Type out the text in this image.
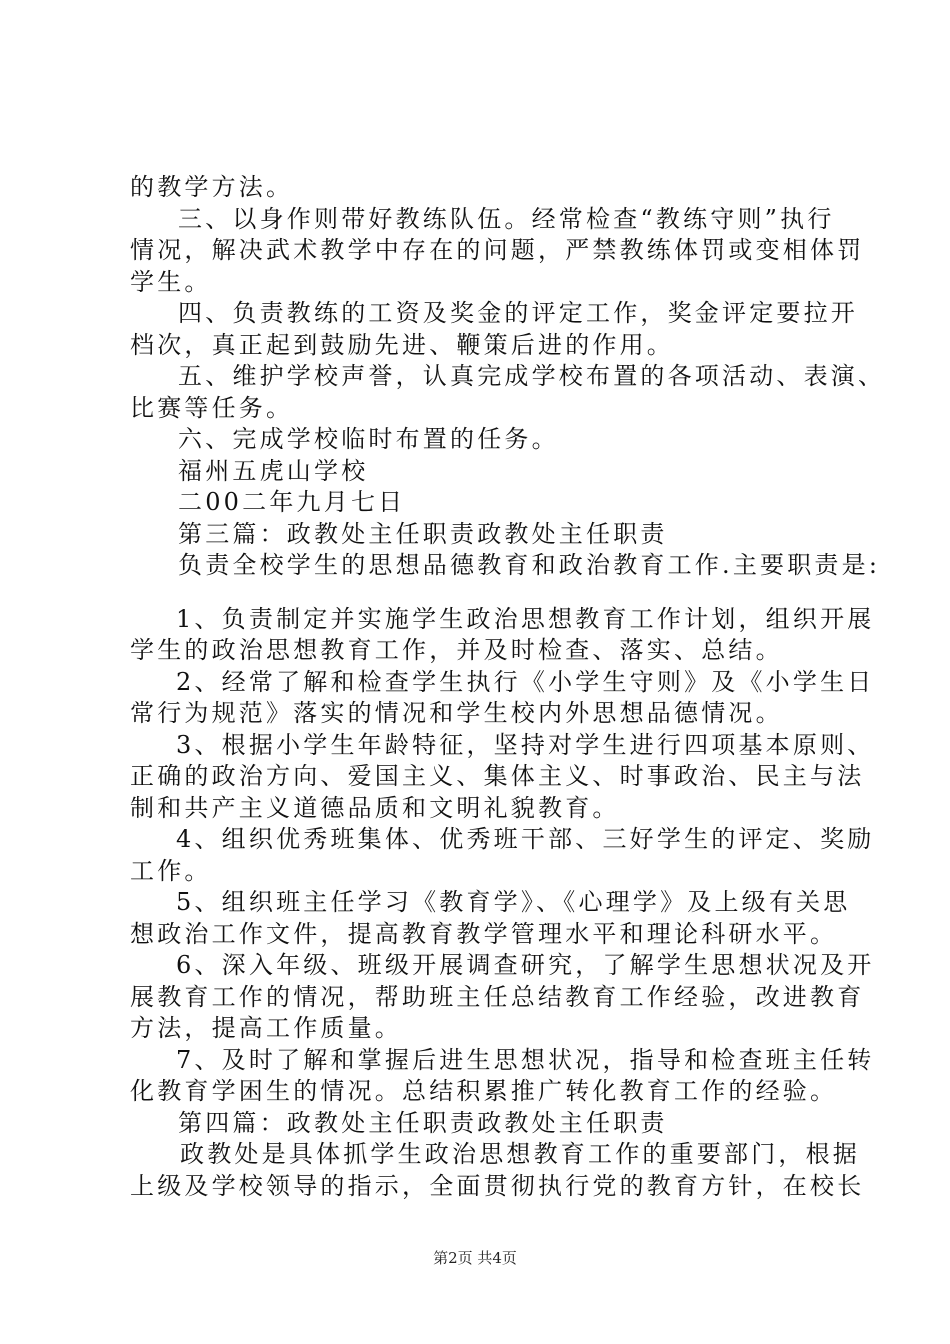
的教学方法。
三、以身作则带好教练队伍。经常检查“教练守则”执行
情况，解决武术教学中存在的问题，严禁教练体罚或变相体罚
学生。
四、负责教练的工资及奖金的评定工作，奖金评定要拉开
档次，真正起到鼓励先进、鞭策后进的作用。
五、维护学校声誉，认真完成学校布置的各项活动、表演、
比赛等任务。
六、完成学校临时布置的任务。
福州五虎山学校
二00二年九月七日
第三篇：政教处主任职责政教处主任职责
负责全校学生的思想品德教育和政治教育工作.主要职责是:
1、负责制定并实施学生政治思想教育工作计划，组织开展
学生的政治思想教育工作，并及时检查、落实、总结。
2、经常了解和检查学生执行《小学生守则》及《小学生日
常行为规范》落实的情况和学生校内外思想品德情况。
3、根据小学生年龄特征，坚持对学生进行四项基本原则、
正确的政治方向、爱国主义、集体主义、时事政治、民主与法
制和共产主义道德品质和文明礼貌教育。
4、组织优秀班集体、优秀班干部、三好学生的评定、奖励
工作。
5、组织班主任学习《教育学》、《心理学》及上级有关思
想政治工作文件，提高教育教学管理水平和理论科研水平。
6、深入年级、班级开展调查研究，了解学生思想状况及开
展教育工作的情况，帮助班主任总结教育工作经验，改进教育
方法，提高工作质量。
7、及时了解和掌握后进生思想状况，指导和检查班主任转
化教育学困生的情况。总结积累推广转化教育工作的经验。
第四篇：政教处主任职责政教处主任职责
政教处是具体抓学生政治思想教育工作的重要部门，根据
上级及学校领导的指示，全面贯彻执行党的教育方针，在校长
第2页 共4页
